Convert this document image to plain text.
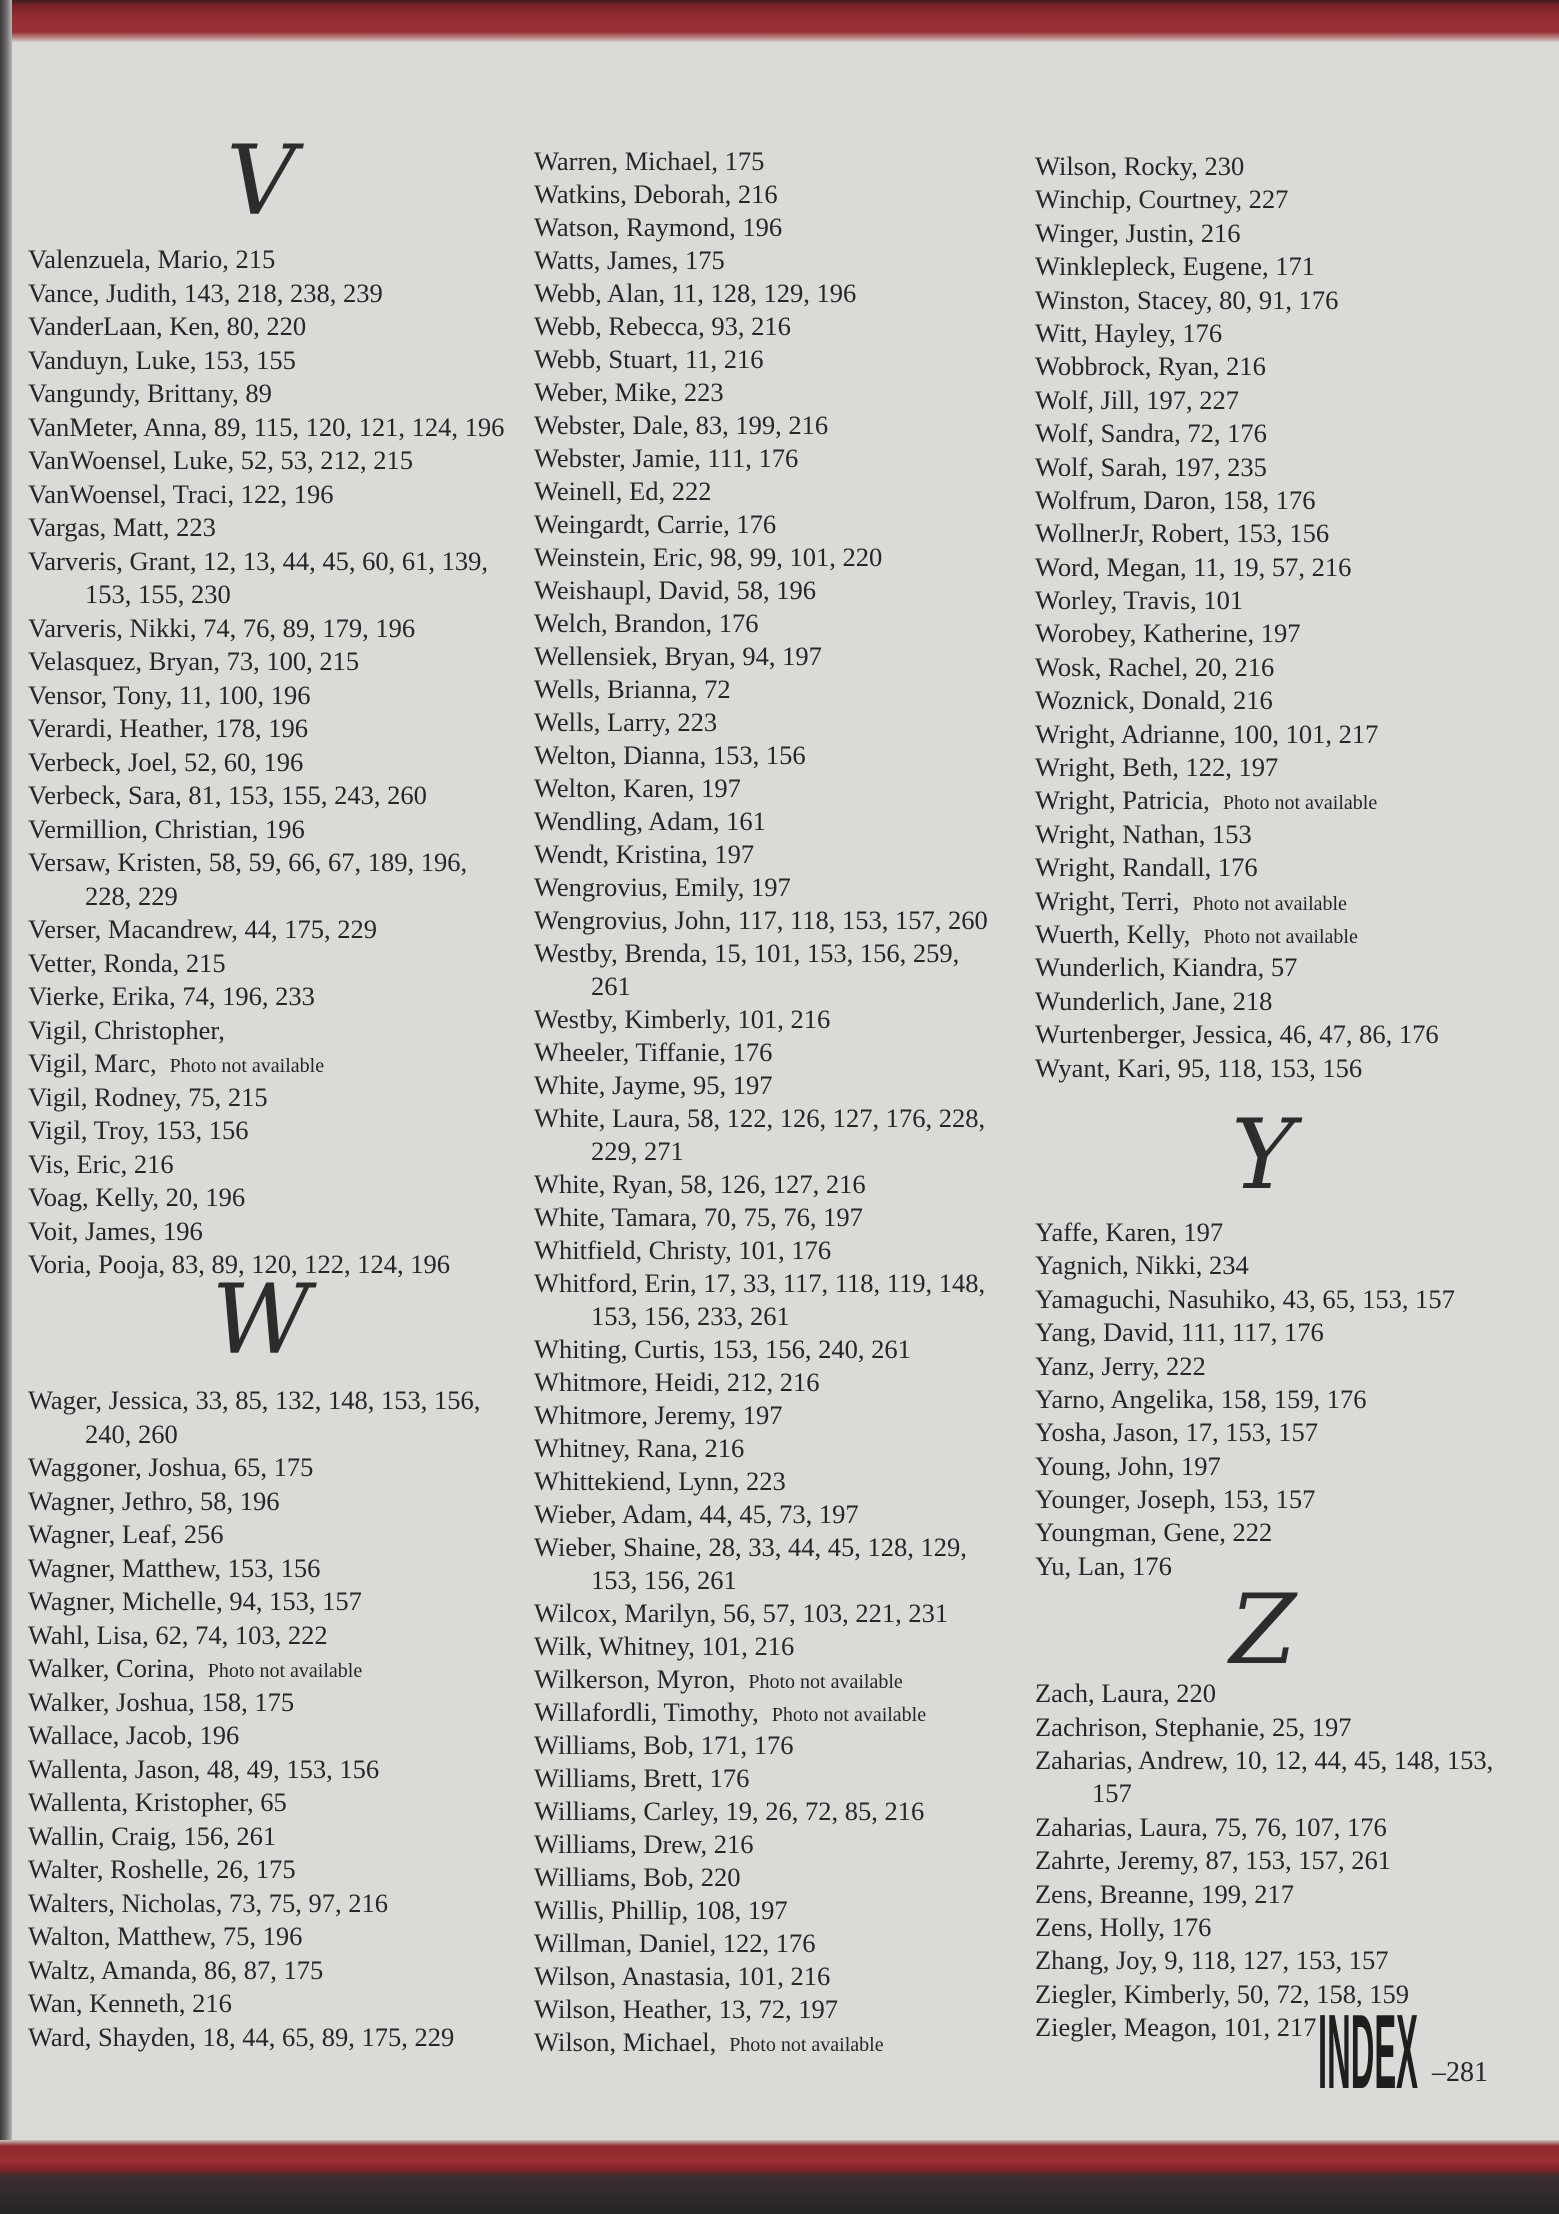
V
Valenzuela, Mario, 215
Vance, Judith, 143, 218, 238, 239
VanderLaan, Ken, 80, 220
Vanduyn, Luke, 153, 155
Vangundy, Brittany, 89
VanMeter, Anna, 89, 115, 120, 121, 124, 196
VanWoensel, Luke, 52, 53, 212, 215
VanWoensel, Traci, 122, 196
Vargas, Matt, 223
Varveris, Grant, 12, 13, 44, 45, 60, 61, 139,
153, 155, 230
Varveris, Nikki, 74, 76, 89, 179, 196
Velasquez, Bryan, 73, 100, 215
Vensor, Tony, 11, 100, 196
Verardi, Heather, 178, 196
Verbeck, Joel, 52, 60, 196
Verbeck, Sara, 81, 153, 155, 243, 260
Vermillion, Christian, 196
Versaw, Kristen, 58, 59, 66, 67, 189, 196,
228, 229
Verser, Macandrew, 44, 175, 229
Vetter, Ronda, 215
Vierke, Erika, 74, 196, 233
Vigil, Christopher,
Vigil, Marc, Photo not available
Vigil, Rodney, 75, 215
Vigil, Troy, 153, 156
Vis, Eric, 216
Voag, Kelly, 20, 196
Voit, James, 196
Voria, Pooja, 83, 89, 120, 122, 124, 196
W
Wager, Jessica, 33, 85, 132, 148, 153, 156,
240, 260
Waggoner, Joshua, 65, 175
Wagner, Jethro, 58, 196
Wagner, Leaf, 256
Wagner, Matthew, 153, 156
Wagner, Michelle, 94, 153, 157
Wahl, Lisa, 62, 74, 103, 222
Walker, Corina, Photo not available
Walker, Joshua, 158, 175
Wallace, Jacob, 196
Wallenta, Jason, 48, 49, 153, 156
Wallenta, Kristopher, 65
Wallin, Craig, 156, 261
Walter, Roshelle, 26, 175
Walters, Nicholas, 73, 75, 97, 216
Walton, Matthew, 75, 196
Waltz, Amanda, 86, 87, 175
Wan, Kenneth, 216
Ward, Shayden, 18, 44, 65, 89, 175, 229
Warren, Michael, 175
Watkins, Deborah, 216
Watson, Raymond, 196
Watts, James, 175
Webb, Alan, 11, 128, 129, 196
Webb, Rebecca, 93, 216
Webb, Stuart, 11, 216
Weber, Mike, 223
Webster, Dale, 83, 199, 216
Webster, Jamie, 111, 176
Weinell, Ed, 222
Weingardt, Carrie, 176
Weinstein, Eric, 98, 99, 101, 220
Weishaupl, David, 58, 196
Welch, Brandon, 176
Wellensiek, Bryan, 94, 197
Wells, Brianna, 72
Wells, Larry, 223
Welton, Dianna, 153, 156
Welton, Karen, 197
Wendling, Adam, 161
Wendt, Kristina, 197
Wengrovius, Emily, 197
Wengrovius, John, 117, 118, 153, 157, 260
Westby, Brenda, 15, 101, 153, 156, 259,
261
Westby, Kimberly, 101, 216
Wheeler, Tiffanie, 176
White, Jayme, 95, 197
White, Laura, 58, 122, 126, 127, 176, 228,
229, 271
White, Ryan, 58, 126, 127, 216
White, Tamara, 70, 75, 76, 197
Whitfield, Christy, 101, 176
Whitford, Erin, 17, 33, 117, 118, 119, 148,
153, 156, 233, 261
Whiting, Curtis, 153, 156, 240, 261
Whitmore, Heidi, 212, 216
Whitmore, Jeremy, 197
Whitney, Rana, 216
Whittekiend, Lynn, 223
Wieber, Adam, 44, 45, 73, 197
Wieber, Shaine, 28, 33, 44, 45, 128, 129,
153, 156, 261
Wilcox, Marilyn, 56, 57, 103, 221, 231
Wilk, Whitney, 101, 216
Wilkerson, Myron, Photo not available
Willafordli, Timothy, Photo not available
Williams, Bob, 171, 176
Williams, Brett, 176
Williams, Carley, 19, 26, 72, 85, 216
Williams, Drew, 216
Williams, Bob, 220
Willis, Phillip, 108, 197
Willman, Daniel, 122, 176
Wilson, Anastasia, 101, 216
Wilson, Heather, 13, 72, 197
Wilson, Michael, Photo not available
Wilson, Rocky, 230
Winchip, Courtney, 227
Winger, Justin, 216
Winklepleck, Eugene, 171
Winston, Stacey, 80, 91, 176
Witt, Hayley, 176
Wobbrock, Ryan, 216
Wolf, Jill, 197, 227
Wolf, Sandra, 72, 176
Wolf, Sarah, 197, 235
Wolfrum, Daron, 158, 176
WollnerJr, Robert, 153, 156
Word, Megan, 11, 19, 57, 216
Worley, Travis, 101
Worobey, Katherine, 197
Wosk, Rachel, 20, 216
Woznick, Donald, 216
Wright, Adrianne, 100, 101, 217
Wright, Beth, 122, 197
Wright, Patricia, Photo not available
Wright, Nathan, 153
Wright, Randall, 176
Wright, Terri, Photo not available
Wuerth, Kelly, Photo not available
Wunderlich, Kiandra, 57
Wunderlich, Jane, 218
Wurtenberger, Jessica, 46, 47, 86, 176
Wyant, Kari, 95, 118, 153, 156
Y
Yaffe, Karen, 197
Yagnich, Nikki, 234
Yamaguchi, Nasuhiko, 43, 65, 153, 157
Yang, David, 111, 117, 176
Yanz, Jerry, 222
Yarno, Angelika, 158, 159, 176
Yosha, Jason, 17, 153, 157
Young, John, 197
Younger, Joseph, 153, 157
Youngman, Gene, 222
Yu, Lan, 176
Z
Zach, Laura, 220
Zachrison, Stephanie, 25, 197
Zaharias, Andrew, 10, 12, 44, 45, 148, 153,
157
Zaharias, Laura, 75, 76, 107, 176
Zahrte, Jeremy, 87, 153, 157, 261
Zens, Breanne, 199, 217
Zens, Holly, 176
Zhang, Joy, 9, 118, 127, 153, 157
Ziegler, Kimberly, 50, 72, 158, 159
Ziegler, Meagon, 101, 217 INDEX –281
